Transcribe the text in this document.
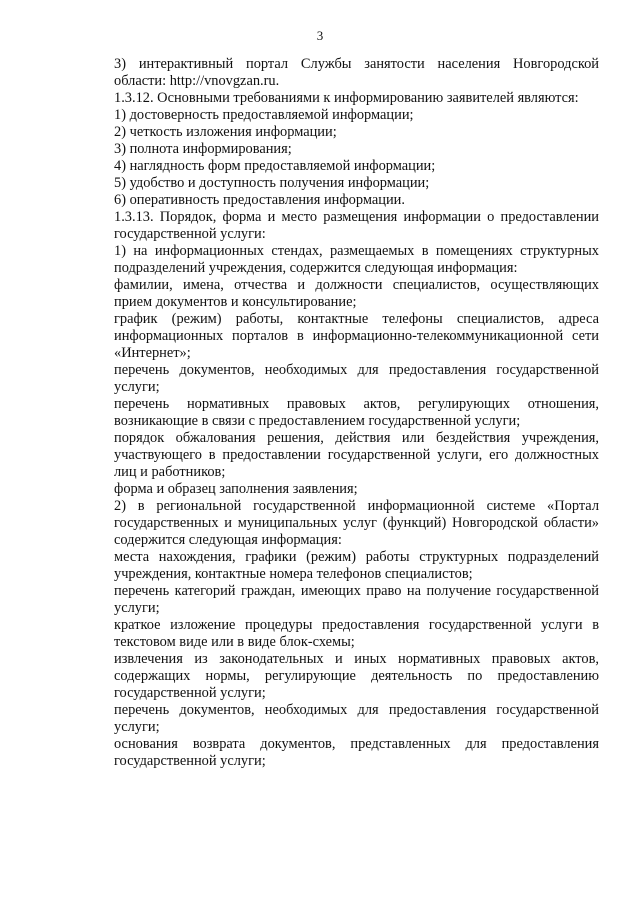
3

3) интерактивный портал Службы занятости населения Новгородской области: http://vnovgzan.ru.

1.3.12. Основными требованиями к информированию заявителей являются:

1) достоверность предоставляемой информации;

2) четкость изложения информации;

3) полнота информирования;

4) наглядность форм предоставляемой информации;

5) удобство и доступность получения информации;

6) оперативность предоставления информации.

1.3.13. Порядок, форма и место размещения информации о предоставлении государственной услуги:

1) на информационных стендах, размещаемых в помещениях структурных подразделений учреждения, содержится следующая информация:

фамилии, имена, отчества и должности специалистов, осуществляющих прием документов и консультирование;

график (режим) работы, контактные телефоны специалистов, адреса информационных порталов в информационно-телекоммуникационной сети «Интернет»;

перечень документов, необходимых для предоставления государственной услуги;

перечень нормативных правовых актов, регулирующих отношения, возникающие в связи с предоставлением государственной услуги;

порядок обжалования решения, действия или бездействия учреждения, участвующего в предоставлении государственной услуги, его должностных лиц и работников;

форма и образец заполнения заявления;

2) в региональной государственной информационной системе «Портал государственных и муниципальных услуг (функций) Новгородской области» содержится следующая информация:

места нахождения, графики (режим) работы структурных подразделений учреждения, контактные номера телефонов специалистов;

перечень категорий граждан, имеющих право на получение государственной услуги;

краткое изложение процедуры предоставления государственной услуги в текстовом виде или в виде блок-схемы;

извлечения из законодательных и иных нормативных правовых актов, содержащих нормы, регулирующие деятельность по предоставлению государственной услуги;

перечень документов, необходимых для предоставления государственной услуги;

основания возврата документов, представленных для предоставления государственной услуги;
